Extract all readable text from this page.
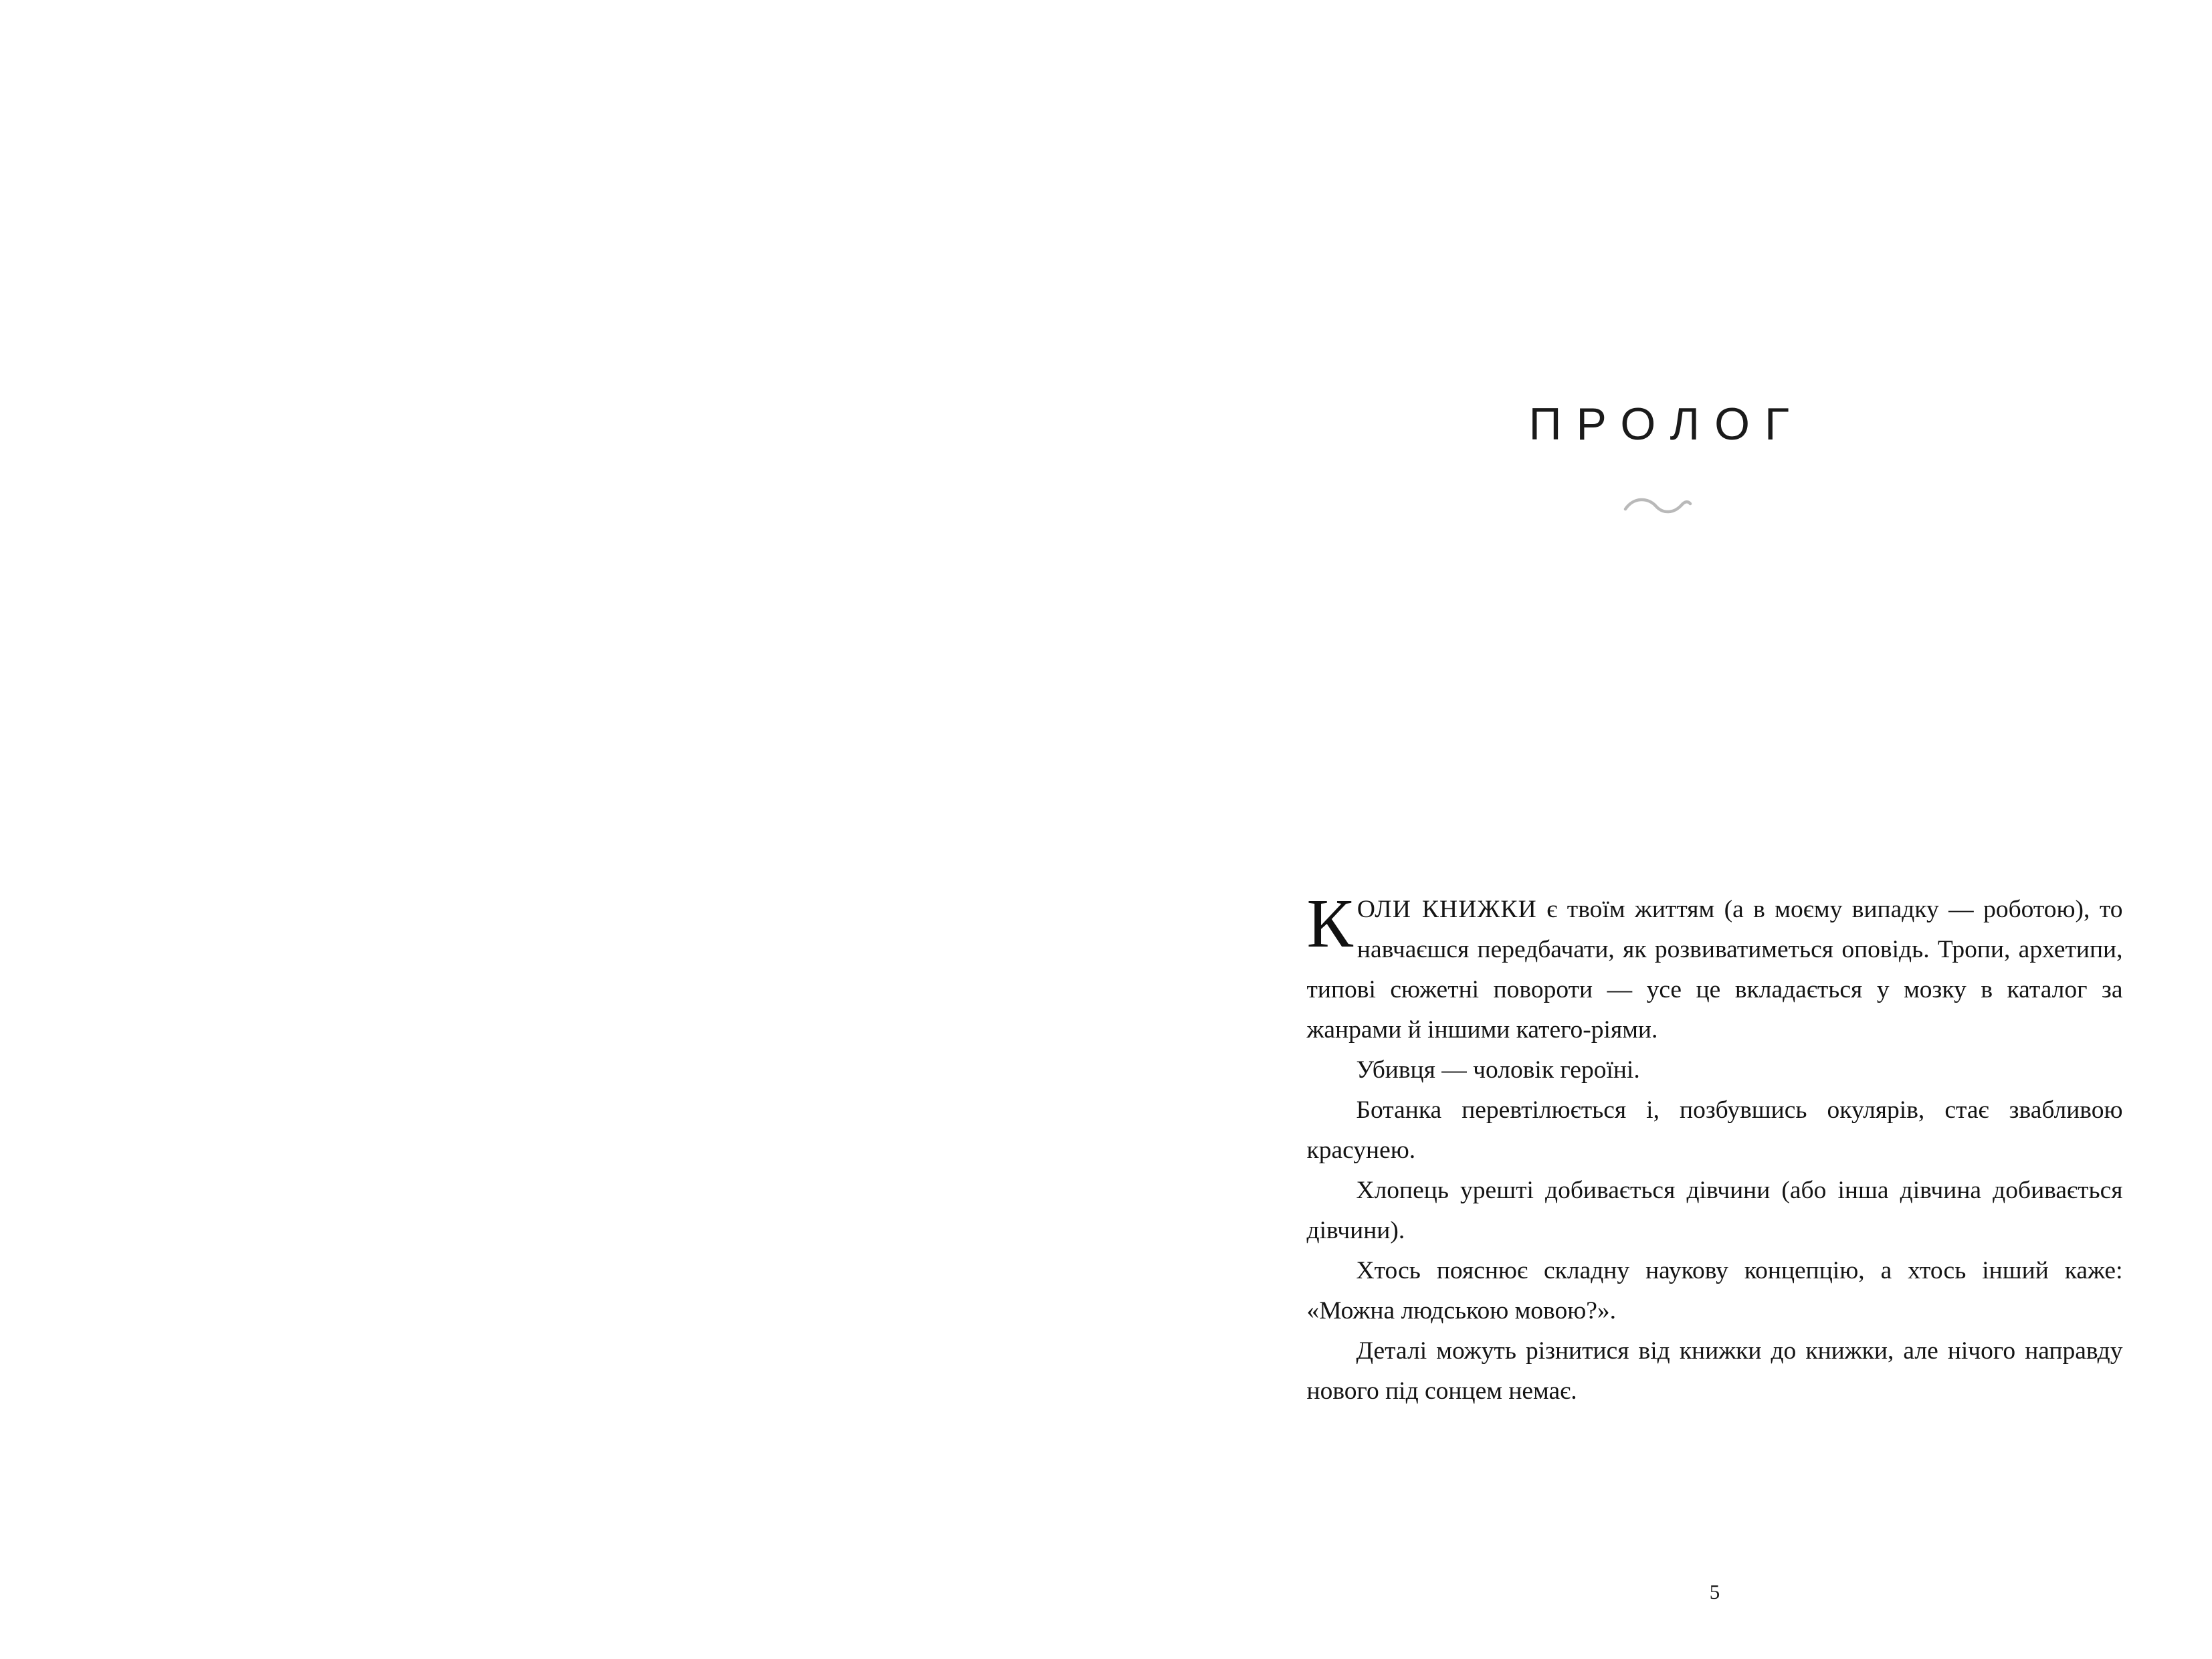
ПРОЛОГ

КОЛИ КНИЖКИ є твоїм життям (а в моєму випадку — роботою), то навчаєшся передбачати, як розвиватиметься оповідь. Тропи, архетипи, типові сюжетні повороти — усе це вкладається у мозку в каталог за жанрами й іншими катего-ріями.

Убивця — чоловік героїні.

Ботанка перевтілюється і, позбувшись окулярів, стає звабливою красунею.

Хлопець урешті добивається дівчини (або інша дівчина добивається дівчини).

Хтось пояснює складну наукову концепцію, а хтось інший каже: «Можна людською мовою?».

Деталі можуть різнитися від книжки до книжки, але нічого направду нового під сонцем немає.

5
